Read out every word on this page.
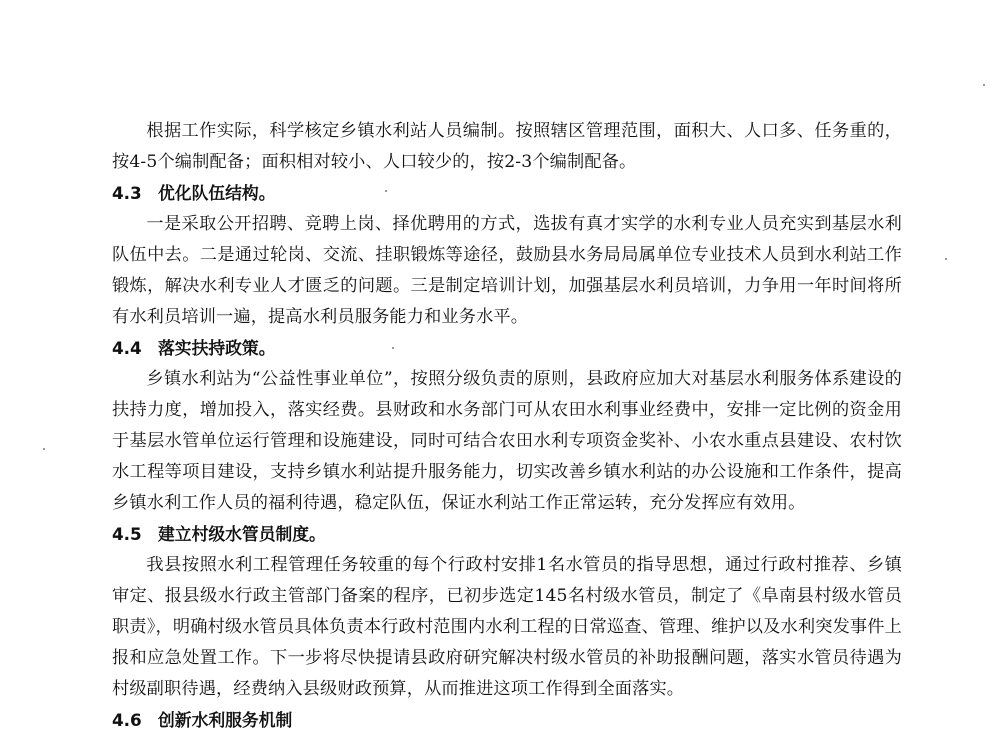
根据工作实际，科学核定乡镇水利站人员编制。按照辖区管理范围，面积大、人口多、任务重的，按4-5个编制配备；面积相对较小、人口较少的，按2-3个编制配备。

4.3 优化队伍结构。

一是采取公开招聘、竞聘上岗、择优聘用的方式，选拔有真才实学的水利专业人员充实到基层水利队伍中去。二是通过轮岗、交流、挂职锻炼等途径，鼓励县水务局局属单位专业技术人员到水利站工作锻炼，解决水利专业人才匮乏的问题。三是制定培训计划，加强基层水利员培训，力争用一年时间将所有水利员培训一遍，提高水利员服务能力和业务水平。

4.4 落实扶持政策。

乡镇水利站为“公益性事业单位”，按照分级负责的原则，县政府应加大对基层水利服务体系建设的扶持力度，增加投入，落实经费。县财政和水务部门可从农田水利事业经费中，安排一定比例的资金用于基层水管单位运行管理和设施建设，同时可结合农田水利专项资金奖补、小农水重点县建设、农村饮水工程等项目建设，支持乡镇水利站提升服务能力，切实改善乡镇水利站的办公设施和工作条件，提高乡镇水利工作人员的福利待遇，稳定队伍，保证水利站工作正常运转，充分发挥应有效用。

4.5 建立村级水管员制度。

我县按照水利工程管理任务较重的每个行政村安排1名水管员的指导思想，通过行政村推荐、乡镇审定、报县级水行政主管部门备案的程序，已初步选定145名村级水管员，制定了《阜南县村级水管员职责》，明确村级水管员具体负责本行政村范围内水利工程的日常巡查、管理、维护以及水利突发事件上报和应急处置工作。下一步将尽快提请县政府研究解决村级水管员的补助报酬问题，落实水管员待遇为村级副职待遇，经费纳入县级财政预算，从而推进这项工作得到全面落实。

4.6 创新水利服务机制
